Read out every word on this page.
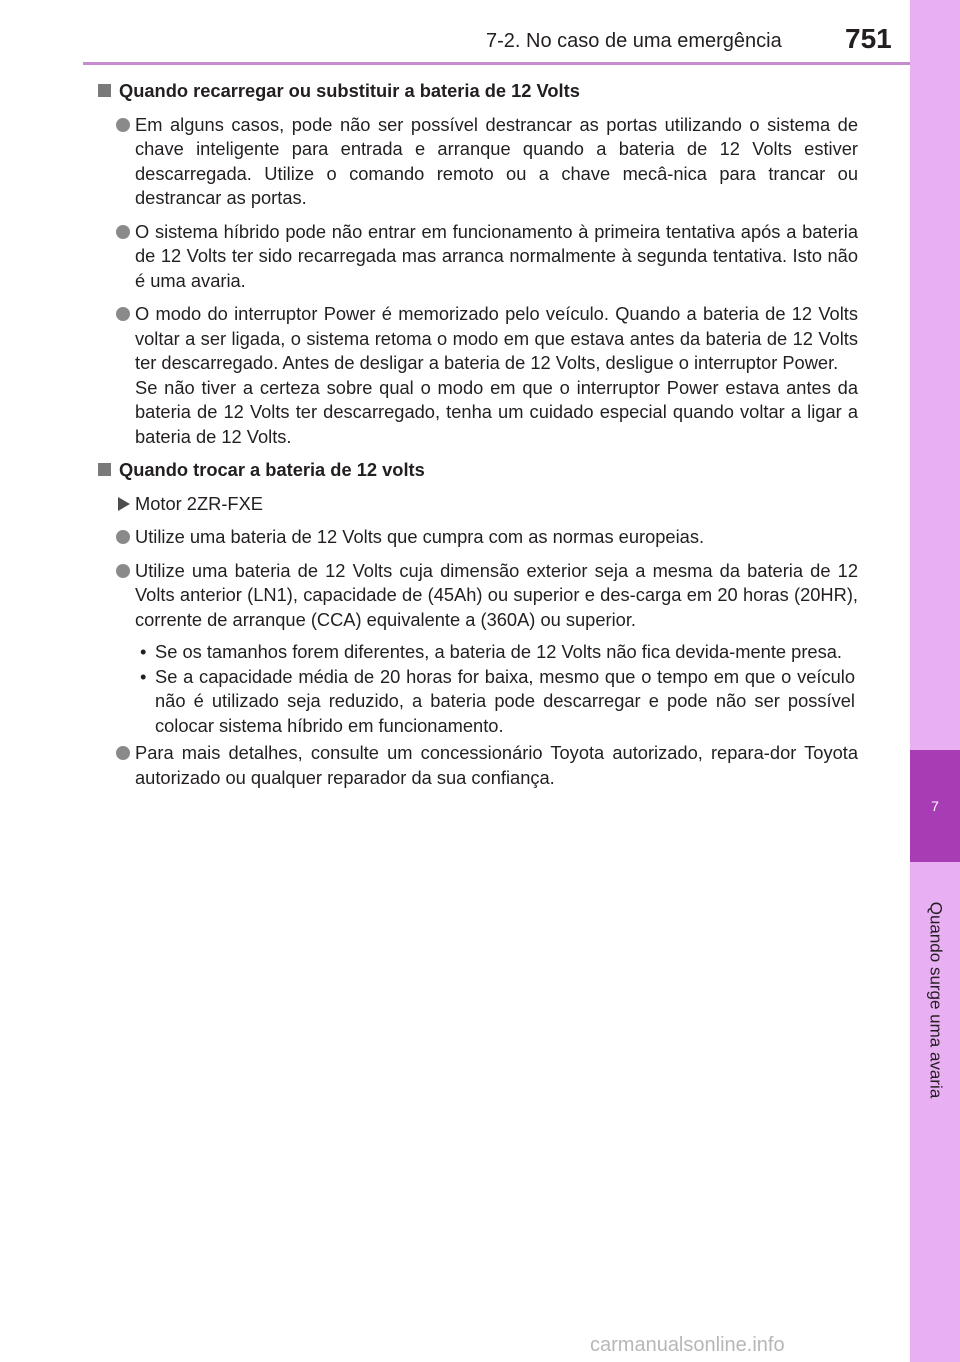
7
Quando surge uma avaria
7-2. No caso de uma emergência 751
Quando recarregar ou substituir a bateria de 12 Volts
Em alguns casos, pode não ser possível destrancar as portas utilizando o sistema de chave inteligente para entrada e arranque quando a bateria de 12 Volts estiver descarregada. Utilize o comando remoto ou a chave mecâ-nica para trancar ou destrancar as portas.
O sistema híbrido pode não entrar em funcionamento à primeira tentativa após a bateria de 12 Volts ter sido recarregada mas arranca normalmente à segunda tentativa. Isto não é uma avaria.
O modo do interruptor Power é memorizado pelo veículo. Quando a bateria de 12 Volts voltar a ser ligada, o sistema retoma o modo em que estava antes da bateria de 12 Volts ter descarregado. Antes de desligar a bateria de 12 Volts, desligue o interruptor Power.
Se não tiver a certeza sobre qual o modo em que o interruptor Power estava antes da bateria de 12 Volts ter descarregado, tenha um cuidado especial quando voltar a ligar a bateria de 12 Volts.
Quando trocar a bateria de 12 volts
Motor 2ZR-FXE
Utilize uma bateria de 12 Volts que cumpra com as normas europeias.
Utilize uma bateria de 12 Volts cuja dimensão exterior seja a mesma da bateria de 12 Volts anterior (LN1), capacidade de (45Ah) ou superior e des-carga em 20 horas (20HR), corrente de arranque (CCA) equivalente a (360A) ou superior.
• Se os tamanhos forem diferentes, a bateria de 12 Volts não fica devida-mente presa.
• Se a capacidade média de 20 horas for baixa, mesmo que o tempo em que o veículo não é utilizado seja reduzido, a bateria pode descarregar e pode não ser possível colocar sistema híbrido em funcionamento.
Para mais detalhes, consulte um concessionário Toyota autorizado, repara-dor Toyota autorizado ou qualquer reparador da sua confiança.
carmanualsonline.info
